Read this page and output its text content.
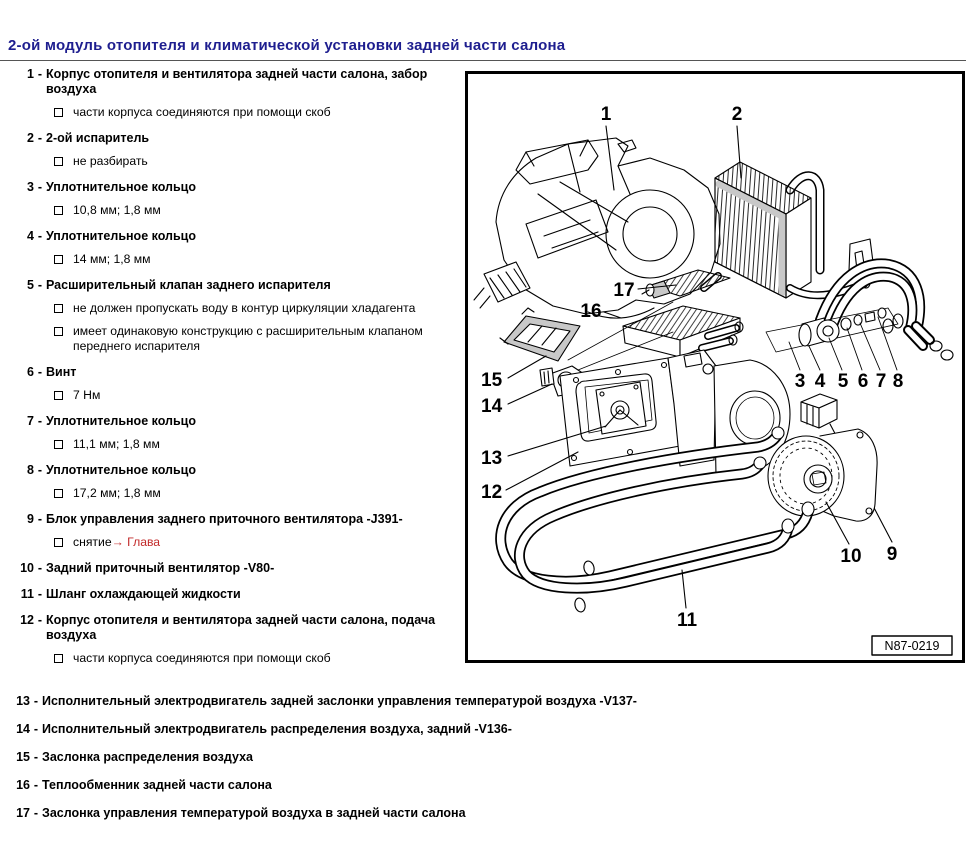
2-ой модуль отопителя и климатической установки задней части салона
1 - Корпус отопителя и вентилятора задней части салона, забор воздуха
части корпуса соединяются при помощи скоб
2 - 2-ой испаритель
не разбирать
3 - Уплотнительное кольцо
10,8 мм; 1,8 мм
4 - Уплотнительное кольцо
14 мм; 1,8 мм
5 - Расширительный клапан заднего испарителя
не должен пропускать воду в контур циркуляции хладагента
имеет одинаковую конструкцию с расширительным клапаном переднего испарителя
6 - Винт
7 Нм
7 - Уплотнительное кольцо
11,1 мм; 1,8 мм
8 - Уплотнительное кольцо
17,2 мм; 1,8 мм
9 - Блок управления заднего приточного вентилятора -J391-
снятие → Глава
10 - Задний приточный вентилятор -V80-
11 - Шланг охлаждающей жидкости
12 - Корпус отопителя и вентилятора задней части салона, подача воздуха
части корпуса соединяются при помощи скоб
13 - Исполнительный электродвигатель задней заслонки управления температурой воздуха -V137-
14 - Исполнительный электродвигатель распределения воздуха, задний -V136-
15 - Заслонка распределения воздуха
16 - Теплообменник задней части салона
17 - Заслонка управления температурой воздуха в задней части салона
1	2
3 4 5 6 7 8
17
16
15
14
13
12
9
10
11
N87-0219
